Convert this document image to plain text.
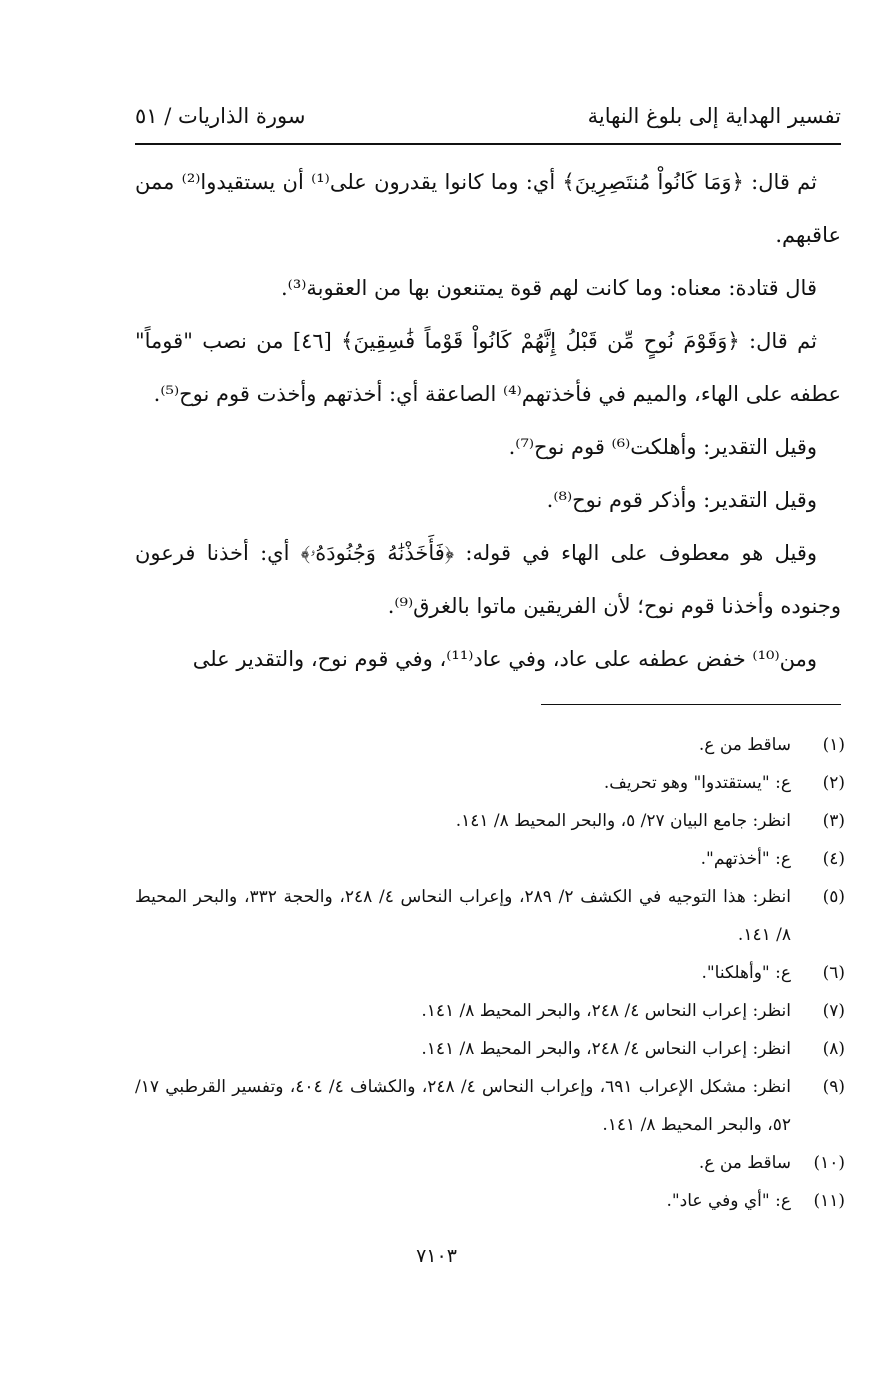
تفسير الهداية إلى بلوغ النهاية
سورة الذاريات / ٥١

ثم قال: ﴿وَمَا كَانُواْ مُنتَصِرِينَ﴾ أي: وما كانوا يقدرون على⁽¹⁾ أن يستقيدوا⁽²⁾ ممن عاقبهم.

قال قتادة: معناه: وما كانت لهم قوة يمتنعون بها من العقوبة⁽³⁾.

ثم قال: ﴿وَقَوْمَ نُوحٍ مِّن قَبْلُ إِنَّهُمْ كَانُواْ قَوْماً فَٰسِقِينَ﴾ [٤٦] من نصب "قوماً" عطفه على الهاء، والميم في فأخذتهم⁽⁴⁾ الصاعقة أي: أخذتهم وأخذت قوم نوح⁽⁵⁾.

وقيل التقدير: وأهلكت⁽⁶⁾ قوم نوح⁽⁷⁾.

وقيل التقدير: وأذكر قوم نوح⁽⁸⁾.

وقيل هو معطوف على الهاء في قوله: ﴿فَأَخَذْنَٰهُ وَجُنُودَهُۥ﴾ أي: أخذنا فرعون وجنوده وأخذنا قوم نوح؛ لأن الفريقين ماتوا بالغرق⁽⁹⁾.

ومن⁽¹⁰⁾ خفض عطفه على عاد، وفي عاد⁽¹¹⁾، وفي قوم نوح، والتقدير على

(١)
ساقط من ع.
(٢)
ع: "يستقتدوا" وهو تحريف.
(٣)
انظر: جامع البيان ٢٧/ ٥، والبحر المحيط ٨/ ١٤١.
(٤)
ع: "أخذتهم".
(٥)
انظر: هذا التوجيه في الكشف ٢/ ٢٨٩، وإعراب النحاس ٤/ ٢٤٨، والحجة ٣٣٢، والبحر المحيط ٨/ ١٤١.
(٦)
ع: "وأهلكنا".
(٧)
انظر: إعراب النحاس ٤/ ٢٤٨، والبحر المحيط ٨/ ١٤١.
(٨)
انظر: إعراب النحاس ٤/ ٢٤٨، والبحر المحيط ٨/ ١٤١.
(٩)
انظر: مشكل الإعراب ٦٩١، وإعراب النحاس ٤/ ٢٤٨، والكشاف ٤/ ٤٠٤، وتفسير القرطبي ١٧/ ٥٢، والبحر المحيط ٨/ ١٤١.
(١٠)
ساقط من ع.
(١١)
ع: "أي وفي عاد".
٧١٠٣
